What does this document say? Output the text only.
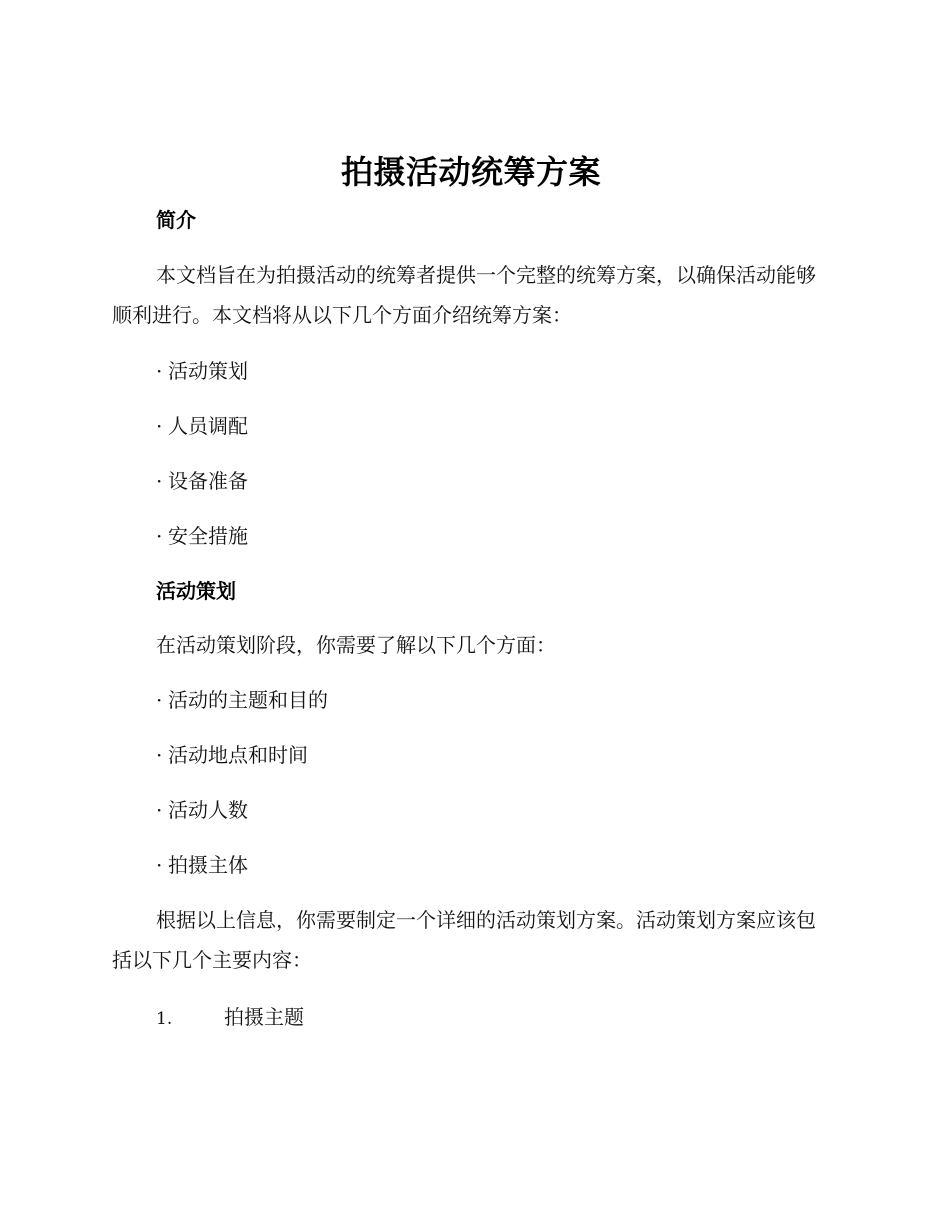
拍摄活动统筹方案
简介

本文档旨在为拍摄活动的统筹者提供一个完整的统筹方案，以确保活动能够顺利进行。本文档将从以下几个方面介绍统筹方案：

· 活动策划
· 人员调配
· 设备准备
· 安全措施
活动策划

在活动策划阶段，你需要了解以下几个方面：

· 活动的主题和目的
· 活动地点和时间
· 活动人数
· 拍摄主体

根据以上信息，你需要制定一个详细的活动策划方案。活动策划方案应该包括以下几个主要内容：

1.	拍摄主题
